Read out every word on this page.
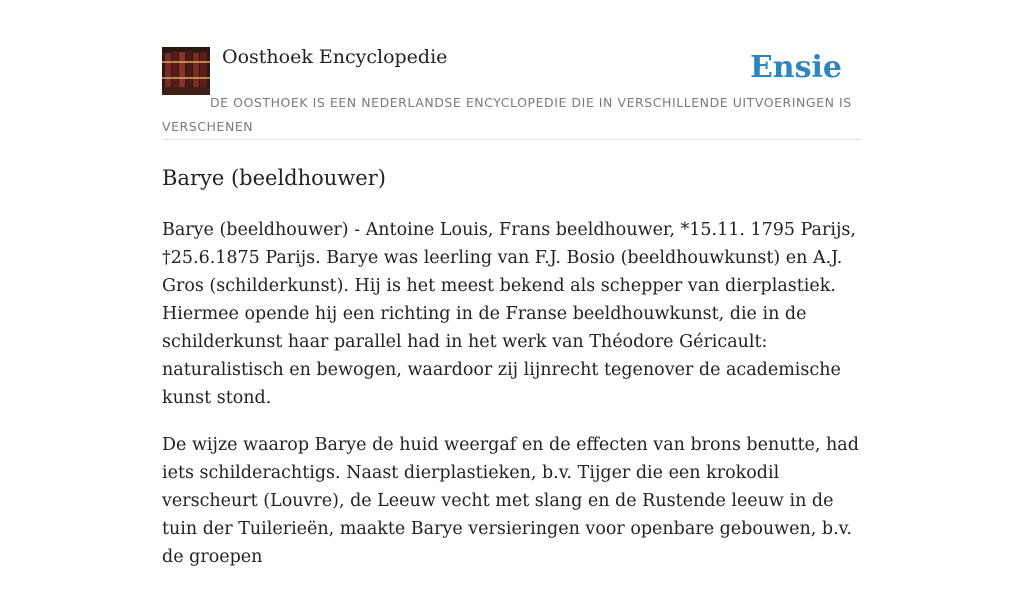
Oosthoek Encyclopedie	Ensie
DE OOSTHOEK IS EEN NEDERLANDSE ENCYCLOPEDIE DIE IN VERSCHILLENDE UITVOERINGEN IS VERSCHENEN
Barye (beeldhouwer)

Barye (beeldhouwer) - Antoine Louis, Frans beeldhouwer, *15.11. 1795 Parijs, †25.6.1875 Parijs. Barye was leerling van F.J. Bosio (beeldhouwkunst) en A.J. Gros (schilderkunst). Hij is het meest bekend als schepper van dierplastiek. Hiermee opende hij een richting in de Franse beeldhouwkunst, die in de schilderkunst haar parallel had in het werk van Théodore Géricault: naturalistisch en bewogen, waardoor zij lijnrecht tegenover de academische kunst stond.

De wijze waarop Barye de huid weergaf en de effecten van brons benutte, had iets schilderachtigs. Naast dierplastieken, b.v. Tijger die een krokodil verscheurt (Louvre), de Leeuw vecht met slang en de Rustende leeuw in de tuin der Tuilerieën, maakte Barye versieringen voor openbare gebouwen, b.v. de groepen
